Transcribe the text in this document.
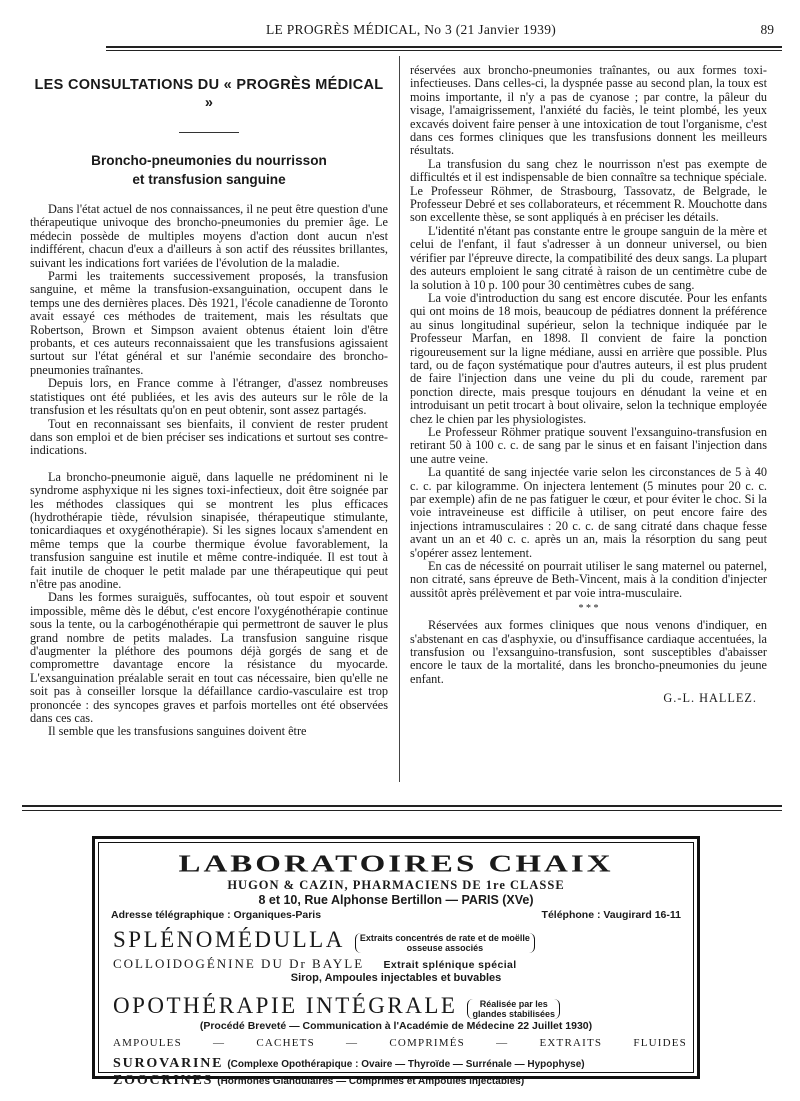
LE PROGRÈS MÉDICAL, No 3 (21 Janvier 1939)	89
LES CONSULTATIONS DU « PROGRÈS MÉDICAL »
Broncho-pneumonies du nourrisson
et transfusion sanguine

Dans l'état actuel de nos connaissances, il ne peut être question d'une thérapeutique univoque des broncho-pneumonies du premier âge. Le médecin possède de multiples moyens d'action dont aucun n'est indifférent, chacun d'eux a d'ailleurs à son actif des réussites brillantes, suivant les indications fort variées de l'évolution de la maladie.

Parmi les traitements successivement proposés, la transfusion sanguine, et même la transfusion-exsanguination, occupent dans le temps une des dernières places. Dès 1921, l'école canadienne de Toronto avait essayé ces méthodes de traitement, mais les résultats que Robertson, Brown et Simpson avaient obtenus étaient loin d'être probants, et ces auteurs reconnaissaient que les transfusions agissaient surtout sur l'état général et sur l'anémie secondaire des broncho-pneumonies traînantes.

Depuis lors, en France comme à l'étranger, d'assez nombreuses statistiques ont été publiées, et les avis des auteurs sur le rôle de la transfusion et les résultats qu'on en peut obtenir, sont assez partagés.

Tout en reconnaissant ses bienfaits, il convient de rester prudent dans son emploi et de bien préciser ses indications et surtout ses contre-indications.

La broncho-pneumonie aiguë, dans laquelle ne prédominent ni le syndrome asphyxique ni les signes toxi-infectieux, doit être soignée par les méthodes classiques qui se montrent les plus efficaces (hydrothérapie tiède, révulsion sinapisée, thérapeutique stimulante, tonicardiaques et oxygénothérapie). Si les signes locaux s'amendent en même temps que la courbe thermique évolue favorablement, la transfusion sanguine est inutile et même contre-indiquée. Il est tout à fait inutile de choquer le petit malade par une thérapeutique qui peut n'être pas anodine.

Dans les formes suraiguës, suffocantes, où tout espoir et souvent impossible, même dès le début, c'est encore l'oxygénothérapie continue sous la tente, ou la carbogénothérapie qui permettront de sauver le plus grand nombre de petits malades. La transfusion sanguine risque d'augmenter la pléthore des poumons déjà gorgés de sang et de compromettre davantage encore la résistance du myocarde. L'exsanguination préalable serait en tout cas nécessaire, bien qu'elle ne soit pas à conseiller lorsque la défaillance cardio-vasculaire est trop prononcée : des syncopes graves et parfois mortelles ont été observées dans ces cas.

Il semble que les transfusions sanguines doivent être

réservées aux broncho-pneumonies traînantes, ou aux formes toxi-infectieuses. Dans celles-ci, la dyspnée passe au second plan, la toux est moins importante, il n'y a pas de cyanose ; par contre, la pâleur du visage, l'amaigrissement, l'anxiété du faciès, le teint plombé, les yeux excavés doivent faire penser à une intoxication de tout l'organisme, c'est dans ces formes cliniques que les transfusions donnent les meilleurs résultats.

La transfusion du sang chez le nourrisson n'est pas exempte de difficultés et il est indispensable de bien connaître sa technique spéciale. Le Professeur Röhmer, de Strasbourg, Tassovatz, de Belgrade, le Professeur Debré et ses collaborateurs, et récemment R. Mouchotte dans son excellente thèse, se sont appliqués à en préciser les détails.

L'identité n'étant pas constante entre le groupe sanguin de la mère et celui de l'enfant, il faut s'adresser à un donneur universel, ou bien vérifier par l'épreuve directe, la compatibilité des deux sangs. La plupart des auteurs emploient le sang citraté à raison de un centimètre cube de la solution à 10 p. 100 pour 30 centimètres cubes de sang.

La voie d'introduction du sang est encore discutée. Pour les enfants qui ont moins de 18 mois, beaucoup de pédiatres donnent la préférence au sinus longitudinal supérieur, selon la technique indiquée par le Professeur Marfan, en 1898. Il convient de faire la ponction rigoureusement sur la ligne médiane, aussi en arrière que possible. Plus tard, ou de façon systématique pour d'autres auteurs, il est plus prudent de faire l'injection dans une veine du pli du coude, rarement par ponction directe, mais presque toujours en dénudant la veine et en introduisant un petit trocart à bout olivaire, selon la technique employée chez le chien par les physiologistes.

Le Professeur Röhmer pratique souvent l'exsanguino-transfusion en retirant 50 à 100 c. c. de sang par le sinus et en faisant l'injection dans une autre veine.

La quantité de sang injectée varie selon les circonstances de 5 à 40 c. c. par kilogramme. On injectera lentement (5 minutes pour 20 c. c. par exemple) afin de ne pas fatiguer le cœur, et pour éviter le choc. Si la voie intraveineuse est difficile à utiliser, on peut encore faire des injections intramusculaires : 20 c. c. de sang citraté dans chaque fesse avant un an et 40 c. c. après un an, mais la résorption du sang peut s'opérer assez lentement.

En cas de nécessité on pourrait utiliser le sang maternel ou paternel, non citraté, sans épreuve de Beth-Vincent, mais à la condition d'injecter aussitôt après prélèvement et par voie intra-musculaire.

* * *

Réservées aux formes cliniques que nous venons d'indiquer, en s'abstenant en cas d'asphyxie, ou d'insuffisance cardiaque accentuées, la transfusion ou l'exsanguino-transfusion, sont susceptibles d'abaisser encore le taux de la mortalité, dans les broncho-pneumonies du jeune enfant.

G.-L. HALLEZ.
LABORATOIRES CHAIX
HUGON & CAZIN, PHARMACIENS DE 1re CLASSE
8 et 10, Rue Alphonse Bertillon — PARIS (XVe)
Adresse télégraphique : Organiques-Paris	Téléphone : Vaugirard 16-11
SPLÉNOMÉDULLA Extraits concentrés de rate et de moëlle
osseuse associés
COLLOIDOGÉNINE DU Dr BAYLE Extrait splénique spécial
Sirop, Ampoules injectables et buvables
OPOTHÉRAPIE INTÉGRALE Réalisée par les
glandes stabilisées
(Procédé Breveté — Communication à l'Académie de Médecine 22 Juillet 1930)
AMPOULES — CACHETS — COMPRIMÉS — EXTRAITS FLUIDES
SUROVARINE (Complexe Opothérapique : Ovaire — Thyroïde — Surrénale — Hypophyse)
ZOOCRINES (Hormones Glandulaires — Comprimés et Ampoules injectables)
